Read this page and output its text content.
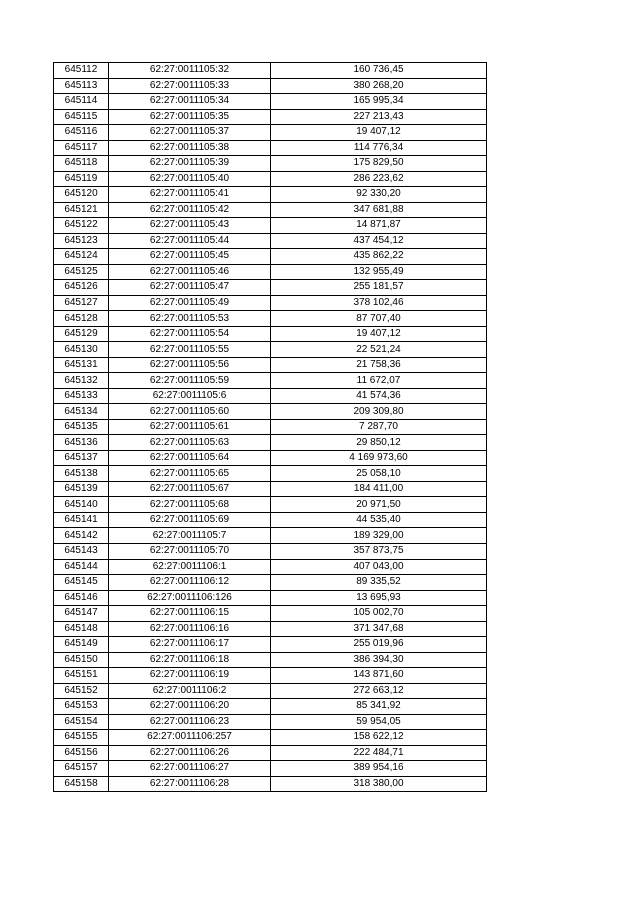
645112	62:27:0011105:32	160 736,45
645113	62:27:0011105:33	380 268,20
645114	62:27:0011105:34	165 995,34
645115	62:27:0011105:35	227 213,43
645116	62:27:0011105:37	19 407,12
645117	62:27:0011105:38	114 776,34
645118	62:27:0011105:39	175 829,50
645119	62:27:0011105:40	286 223,62
645120	62:27:0011105:41	92 330,20
645121	62:27:0011105:42	347 681,88
645122	62:27:0011105:43	14 871,87
645123	62:27:0011105:44	437 454,12
645124	62:27:0011105:45	435 862,22
645125	62:27:0011105:46	132 955,49
645126	62:27:0011105:47	255 181,57
645127	62:27:0011105:49	378 102,46
645128	62:27:0011105:53	87 707,40
645129	62:27:0011105:54	19 407,12
645130	62:27:0011105:55	22 521,24
645131	62:27:0011105:56	21 758,36
645132	62:27:0011105:59	11 672,07
645133	62:27:0011105:6	41 574,36
645134	62:27:0011105:60	209 309,80
645135	62:27:0011105:61	7 287,70
645136	62:27:0011105:63	29 850,12
645137	62:27:0011105:64	4 169 973,60
645138	62:27:0011105:65	25 058,10
645139	62:27:0011105:67	184 411,00
645140	62:27:0011105:68	20 971,50
645141	62:27:0011105:69	44 535,40
645142	62:27:0011105:7	189 329,00
645143	62:27:0011105:70	357 873,75
645144	62:27:0011106:1	407 043,00
645145	62:27:0011106:12	89 335,52
645146	62:27:0011106:126	13 695,93
645147	62:27:0011106:15	105 002,70
645148	62:27:0011106:16	371 347,68
645149	62:27:0011106:17	255 019,96
645150	62:27:0011106:18	386 394,30
645151	62:27:0011106:19	143 871,60
645152	62:27:0011106:2	272 663,12
645153	62:27:0011106:20	85 341,92
645154	62:27:0011106:23	59 954,05
645155	62:27:0011106:257	158 622,12
645156	62:27:0011106:26	222 484,71
645157	62:27:0011106:27	389 954,16
645158	62:27:0011106:28	318 380,00
